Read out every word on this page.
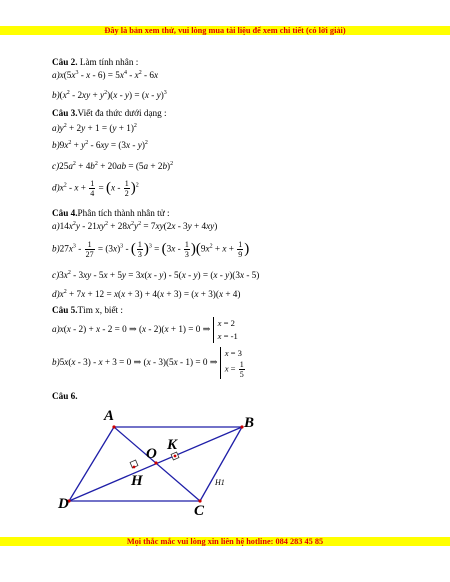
Đây là bản xem thử, vui lòng mua tài liệu để xem chi tiết (có lời giải)
Câu 2. Làm tính nhân :
$a)x(5x^3 - x - 6) = 5x^4 - x^2 - 6x$
$b)(x^2 - 2xy + y^2)(x - y) = (x - y)^3$
Câu 3.Viết đa thức dưới dạng :
$a)y^2 + 2y + 1 = (y + 1)^2$
$b)9x^2 + y^2 - 6xy = (3x - y)^2$
$c)25a^2 + 4b^2 + 20ab = (5a + 2b)^2$
$d)x^2 - x + \frac{1}{4} = (x - \frac{1}{2} )^2$
Câu 4.Phân tích thành nhân tử :
$a)14x^2y - 21xy^2 + 28x^2y^2 = 7xy(2x - 3y + 4xy)$
$b)27x^3 - \frac{1}{27} = (3x)^3$ - ( $\frac{1}{3} )^3 = (3x - \frac{1}{3} )(9x^2 + x + \frac{1}{9}$ )
$c)3x^2 - 3xy - 5x + 5y = 3x(x - y) - 5(x - y) = (x - y)(3x - 5)$
$d)x^2 + 7x + 12 = x(x + 3) + 4(x + 3) = (x + 3)(x + 4)$
Câu 5.Tìm x, biết :
a)x(x - 2) + x - 2 = 0 ⇒ (x - 2)(x + 1) = 0 ⇒
x = 2
x = -1
b)5x(x - 3) - x + 3 = 0 ⇒ (x - 3)(5x - 1) = 0 ⇒
x = 3
$x = \frac{1}{5}$
Câu 6.
A	B
C
D
O
K
H	H1
Mọi thắc mắc vui lòng xin liên hệ hotline: 084 283 45 85
